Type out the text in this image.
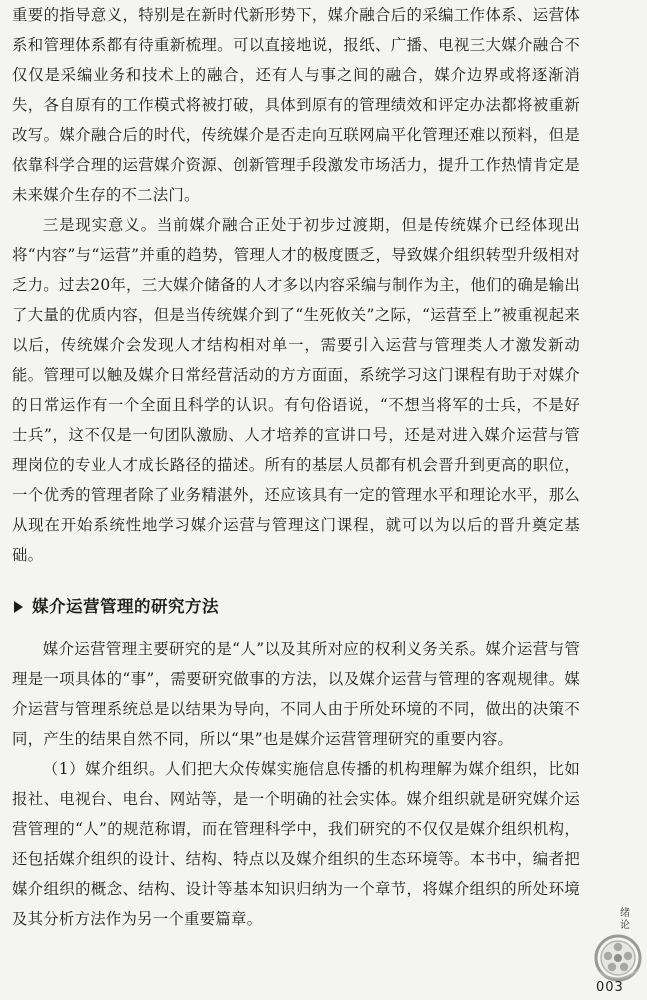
重要的指导意义，特别是在新时代新形势下，媒介融合后的采编工作体系、运营体系和管理体系都有待重新梳理。可以直接地说，报纸、广播、电视三大媒介融合不仅仅是采编业务和技术上的融合，还有人与事之间的融合，媒介边界或将逐渐消失，各自原有的工作模式将被打破，具体到原有的管理绩效和评定办法都将被重新改写。媒介融合后的时代，传统媒介是否走向互联网扁平化管理还难以预料，但是依靠科学合理的运营媒介资源、创新管理手段激发市场活力，提升工作热情肯定是未来媒介生存的不二法门。

三是现实意义。当前媒介融合正处于初步过渡期，但是传统媒介已经体现出将“内容”与“运营”并重的趋势，管理人才的极度匮乏，导致媒介组织转型升级相对乏力。过去20年，三大媒介储备的人才多以内容采编与制作为主，他们的确是输出了大量的优质内容，但是当传统媒介到了“生死攸关”之际，“运营至上”被重视起来以后，传统媒介会发现人才结构相对单一，需要引入运营与管理类人才激发新动能。管理可以触及媒介日常经营活动的方方面面，系统学习这门课程有助于对媒介的日常运作有一个全面且科学的认识。有句俗语说，“不想当将军的士兵，不是好士兵”，这不仅是一句团队激励、人才培养的宣讲口号，还是对进入媒介运营与管理岗位的专业人才成长路径的描述。所有的基层人员都有机会晋升到更高的职位，一个优秀的管理者除了业务精湛外，还应该具有一定的管理水平和理论水平，那么从现在开始系统性地学习媒介运营与管理这门课程，就可以为以后的晋升奠定基础。

媒介运营管理的研究方法

媒介运营管理主要研究的是“人”以及其所对应的权利义务关系。媒介运营与管理是一项具体的“事”，需要研究做事的方法，以及媒介运营与管理的客观规律。媒介运营与管理系统总是以结果为导向，不同人由于所处环境的不同，做出的决策不同，产生的结果自然不同，所以“果”也是媒介运营管理研究的重要内容。

（1）媒介组织。人们把大众传媒实施信息传播的机构理解为媒介组织，比如报社、电视台、电台、网站等，是一个明确的社会实体。媒介组织就是研究媒介运营管理的“人”的规范称谓，而在管理科学中，我们研究的不仅仅是媒介组织机构，还包括媒介组织的设计、结构、特点以及媒介组织的生态环境等。本书中，编者把媒介组织的概念、结构、设计等基本知识归纳为一个章节，将媒介组织的所处环境及其分析方法作为另一个重要篇章。	绪
论
003
